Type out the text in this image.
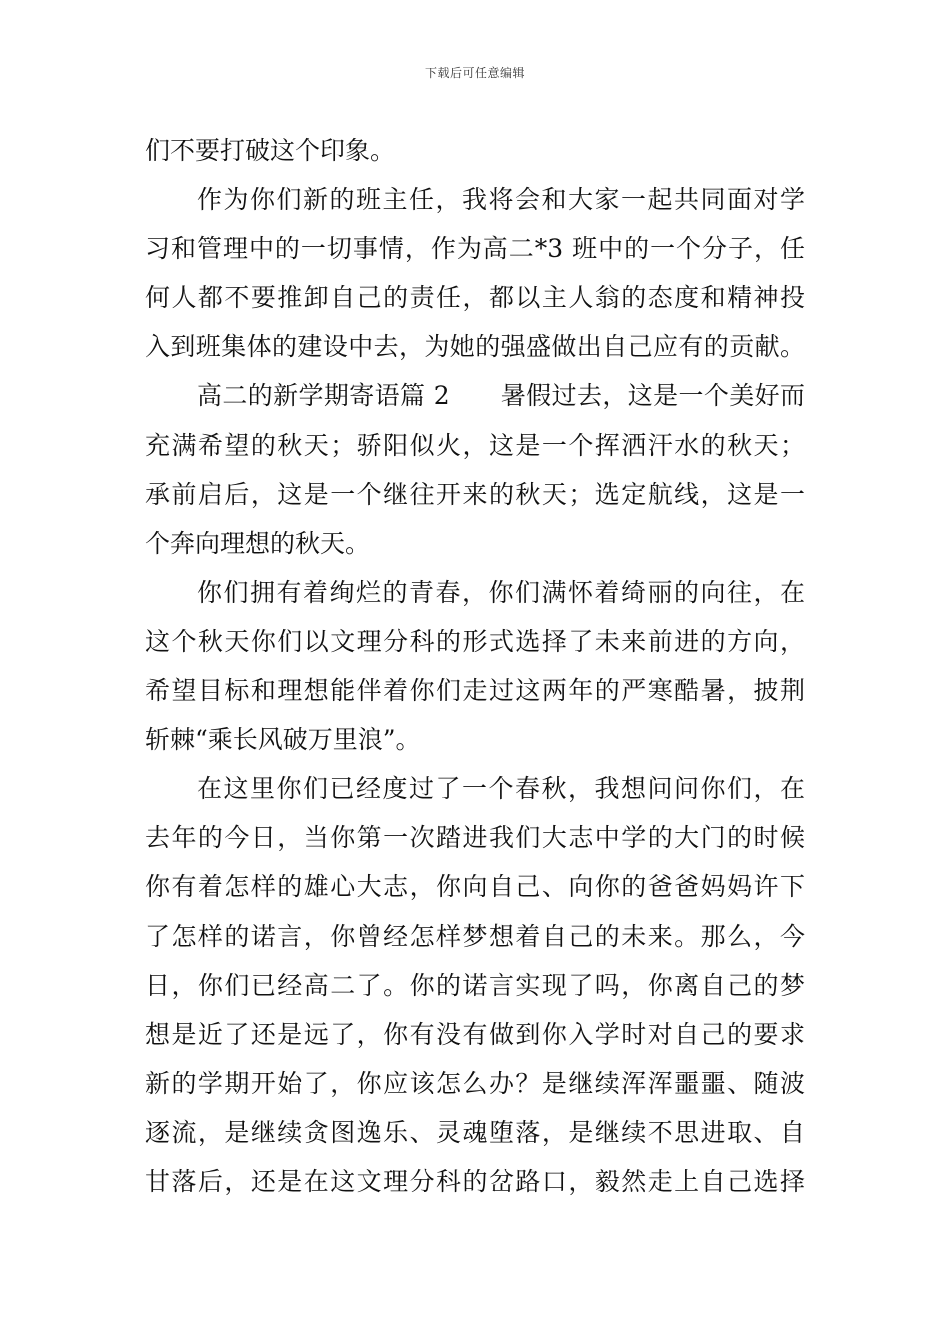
下载后可任意编辑
们不要打破这个印象。
作为你们新的班主任，我将会和大家一起共同面对学
习和管理中的一切事情，作为高二*3 班中的一个分子，任
何人都不要推卸自己的责任，都以主人翁的态度和精神投
入到班集体的建设中去，为她的强盛做出自己应有的贡献。
高二的新学期寄语篇 2　　暑假过去，这是一个美好而
充满希望的秋天；骄阳似火，这是一个挥洒汗水的秋天；
承前启后，这是一个继往开来的秋天；选定航线，这是一
个奔向理想的秋天。
你们拥有着绚烂的青春，你们满怀着绮丽的向往，在
这个秋天你们以文理分科的形式选择了未来前进的方向，
希望目标和理想能伴着你们走过这两年的严寒酷暑，披荆
斩棘“乘长风破万里浪”。
在这里你们已经度过了一个春秋，我想问问你们，在
去年的今日，当你第一次踏进我们大志中学的大门的时候
你有着怎样的雄心大志，你向自己、向你的爸爸妈妈许下
了怎样的诺言，你曾经怎样梦想着自己的未来。那么，今
日，你们已经高二了。你的诺言实现了吗，你离自己的梦
想是近了还是远了，你有没有做到你入学时对自己的要求
新的学期开始了，你应该怎么办？是继续浑浑噩噩、随波
逐流，是继续贪图逸乐、灵魂堕落，是继续不思进取、自
甘落后，还是在这文理分科的岔路口，毅然走上自己选择
